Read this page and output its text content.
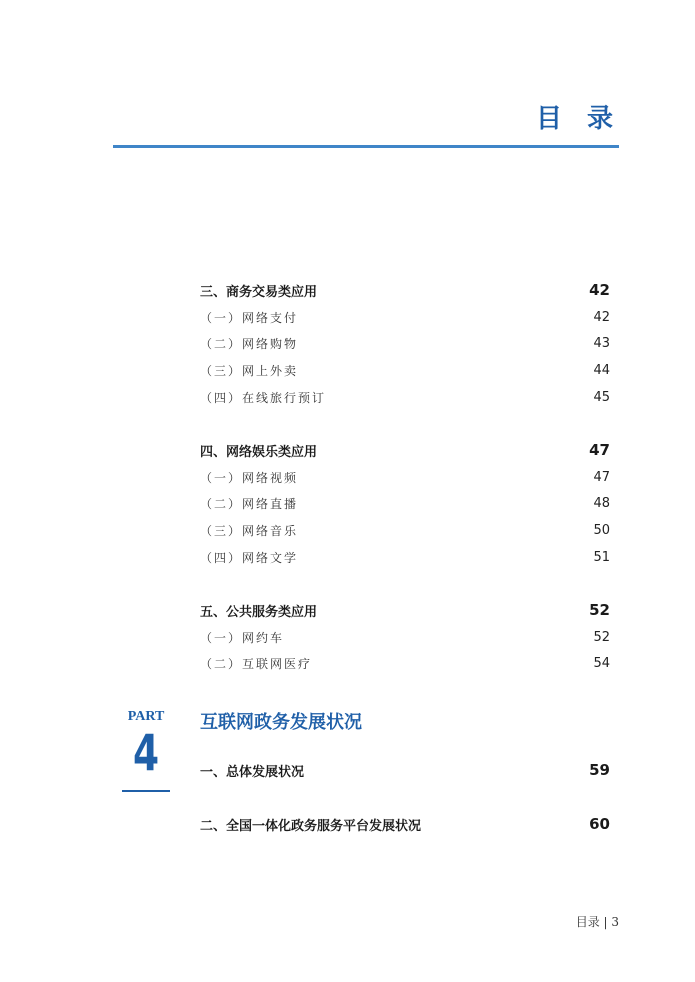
目 录
三、商务交易类应用	42
（一）网络支付	42
（二）网络购物	43
（三）网上外卖	44
（四）在线旅行预订	45
四、网络娱乐类应用	47
（一）网络视频	47
（二）网络直播	48
（三）网络音乐	50
（四）网络文学	51
五、公共服务类应用	52
（一）网约车	52
（二）互联网医疗	54
PART
4
互联网政务发展状况
一、总体发展状况	59
二、全国一体化政务服务平台发展状况	60
目录 | 3
